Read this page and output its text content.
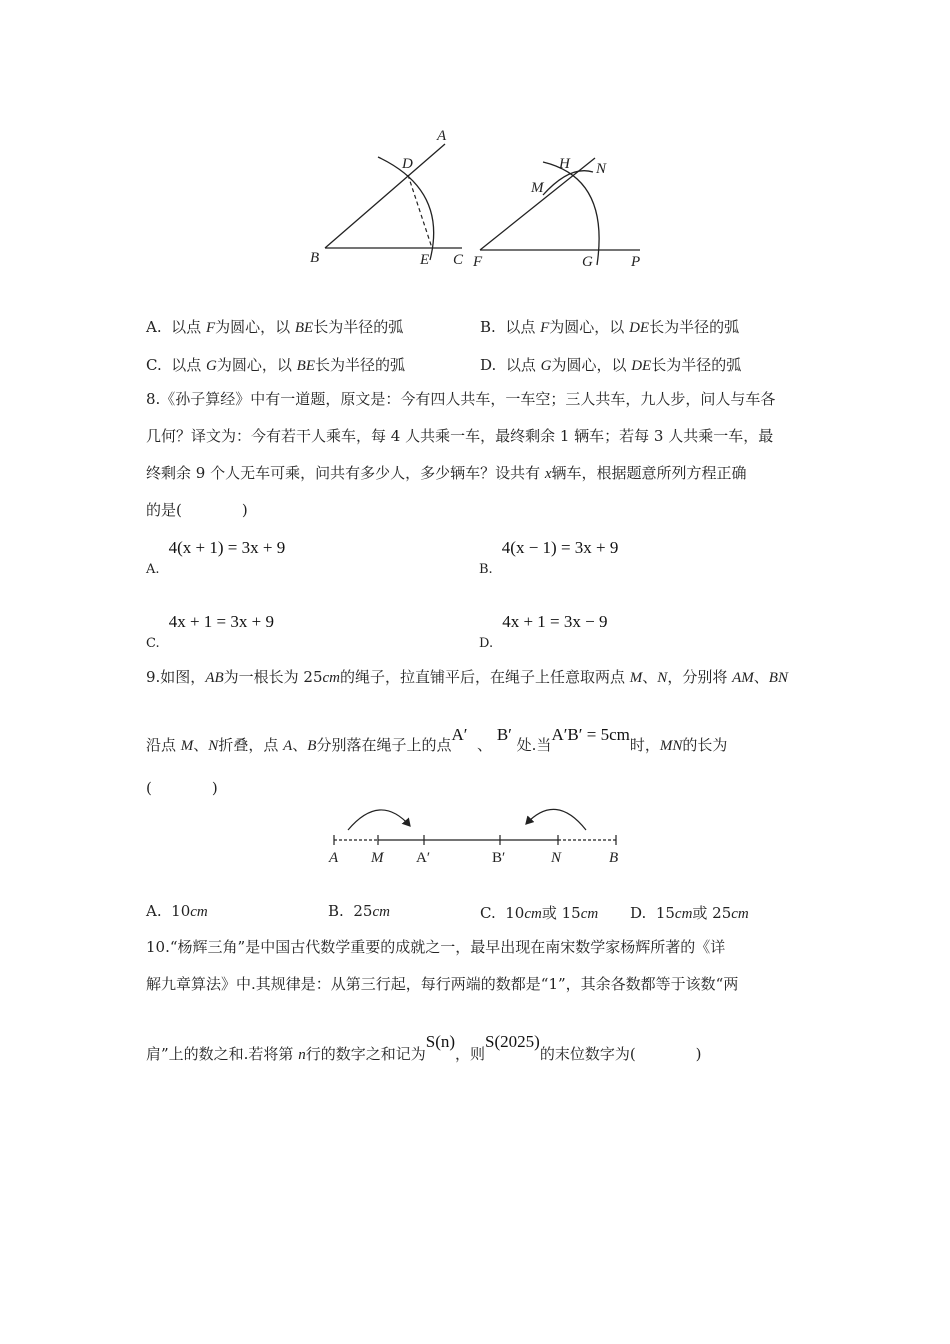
A
D
B	E C
H N
M
F	G	P
A. 以点 F为圆心，以 BE长为半径的弧	B. 以点 F为圆心，以 DE长为半径的弧
C. 以点 G为圆心，以 BE长为半径的弧	D. 以点 G为圆心，以 DE长为半径的弧
8.《孙子算经》中有一道题，原文是：今有四人共车，一车空；三人共车，九人步，问人与车各
几何？译文为：今有若干人乘车，每 4 人共乘一车，最终剩余 1 辆车；若每 3 人共乘一车，最
终剩余 9 个人无车可乘，问共有多少人，多少辆车？设共有 x辆车，根据题意所列方程正确
的是(　　　　)
$_{A.}$ 4(x + 1) = 3x + 9
$_{B.}$ 4(x − 1) = 3x + 9
$_{C.}$ 4x + 1 = 3x + 9
$_{D.}$ 4x + 1 = 3x − 9
9.如图，AB为一根长为 25cm的绳子，拉直铺平后，在绳子上任意取两点 M、N，分别将 AM、BN
沿点 M、N折叠，点 A、B分别落在绳子上的点A′  、 B′ 处.当A′B′ = 5cm时，MN的长为
(　　　　)
A M A′	B′	N	B
A. 10cm	B. 25cm	C. 10cm或 15cm D. 15cm或 25cm
10.“杨辉三角”是中国古代数学重要的成就之一，最早出现在南宋数学家杨辉所著的《详
解九章算法》中.其规律是：从第三行起，每行两端的数都是“1”，其余各数都等于该数“两
肩”上的数之和.若将第 n行的数字之和记为S(n)，则S(2025)的末位数字为(　　　　)
